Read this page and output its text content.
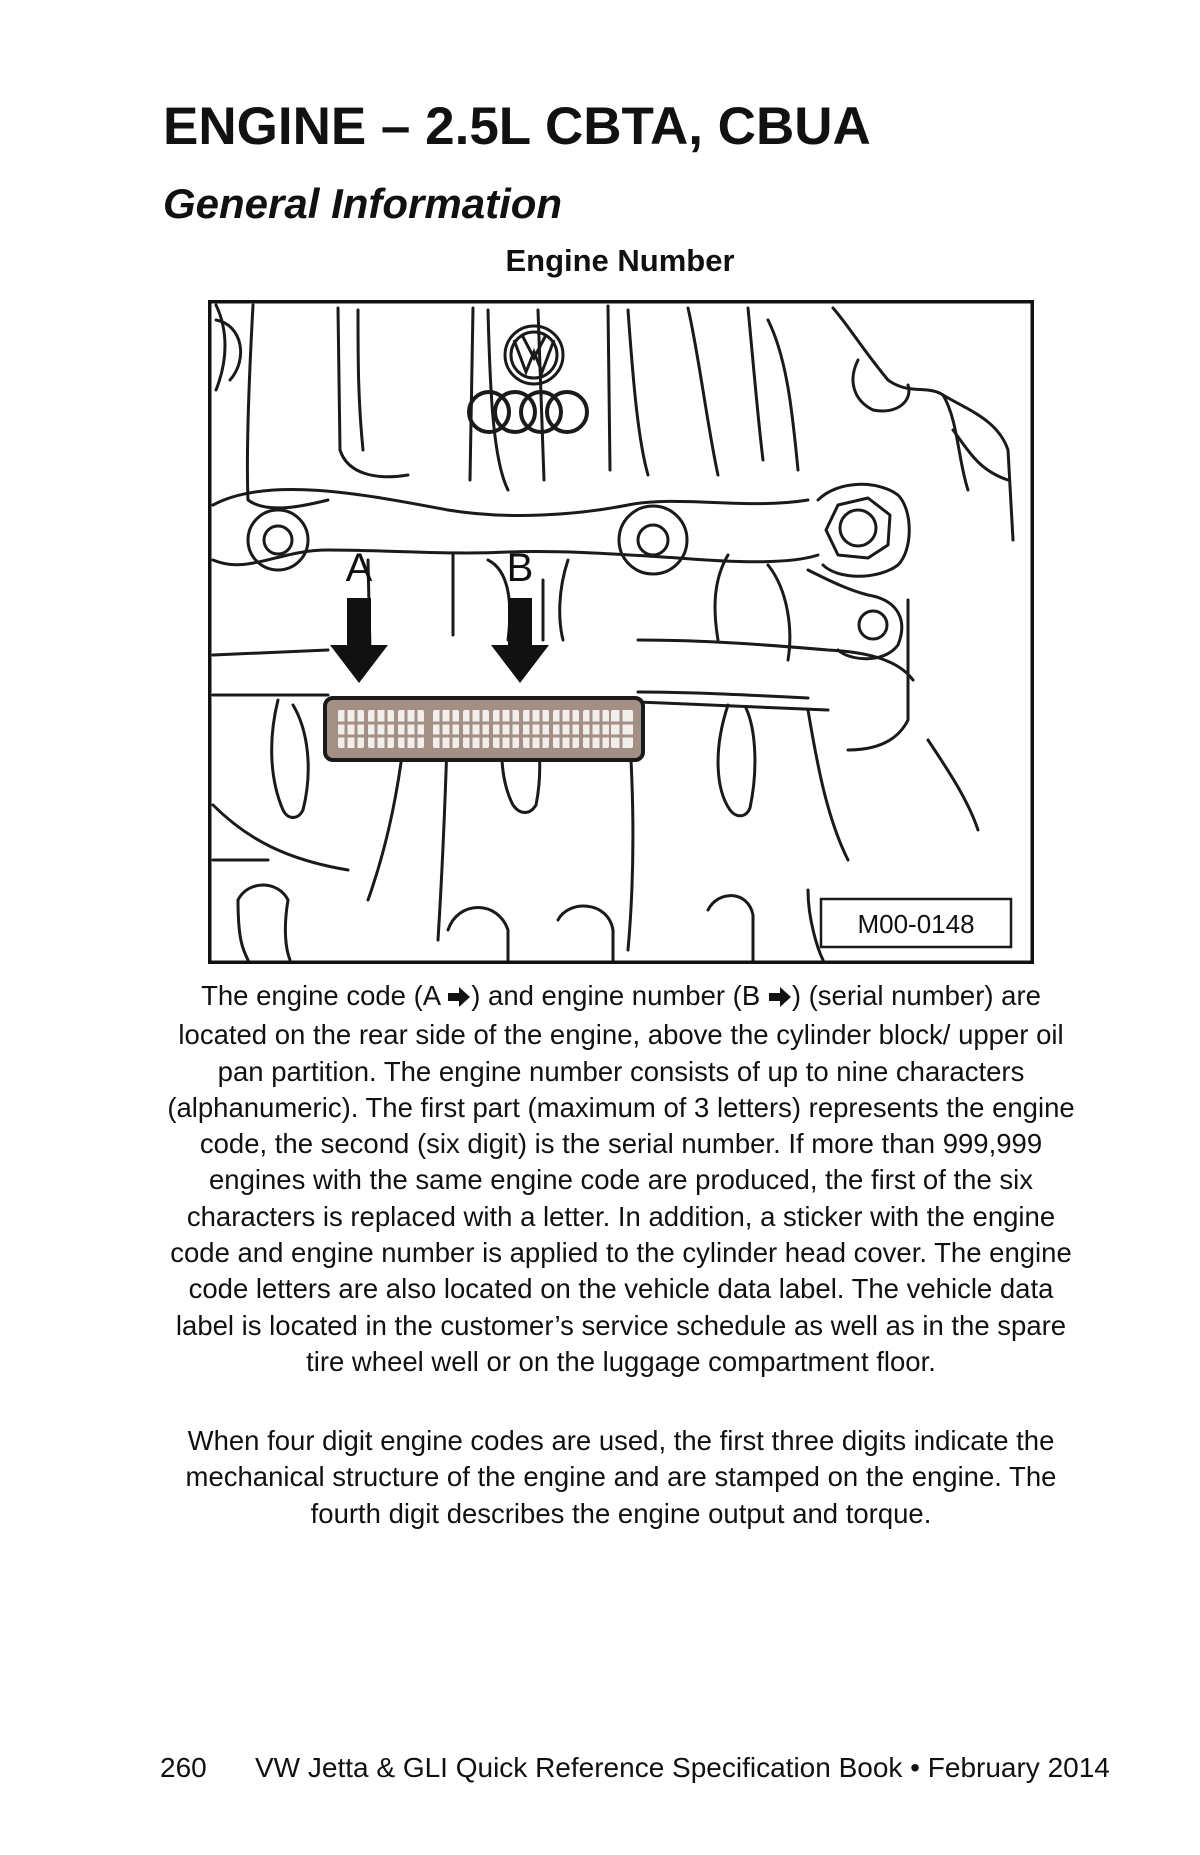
ENGINE – 2.5L CBTA, CBUA
General Information
Engine Number
A	B
M00-0148

The engine code (A ) and engine number (B ) (serial number) are located on the rear side of the engine, above the cylinder block/ upper oil pan partition. The engine number consists of up to nine characters (alphanumeric). The first part (maximum of 3 letters) represents the engine code, the second (six digit) is the serial number. If more than 999,999 engines with the same engine code are produced, the first of the six characters is replaced with a letter. In addition, a sticker with the engine code and engine number is applied to the cylinder head cover. The engine code letters are also located on the vehicle data label. The vehicle data label is located in the customer’s service schedule as well as in the spare tire wheel well or on the luggage compartment floor.

When four digit engine codes are used, the first three digits indicate the mechanical structure of the engine and are stamped on the engine. The fourth digit describes the engine output and torque.

260 VW Jetta & GLI Quick Reference Specification Book • February 2014
